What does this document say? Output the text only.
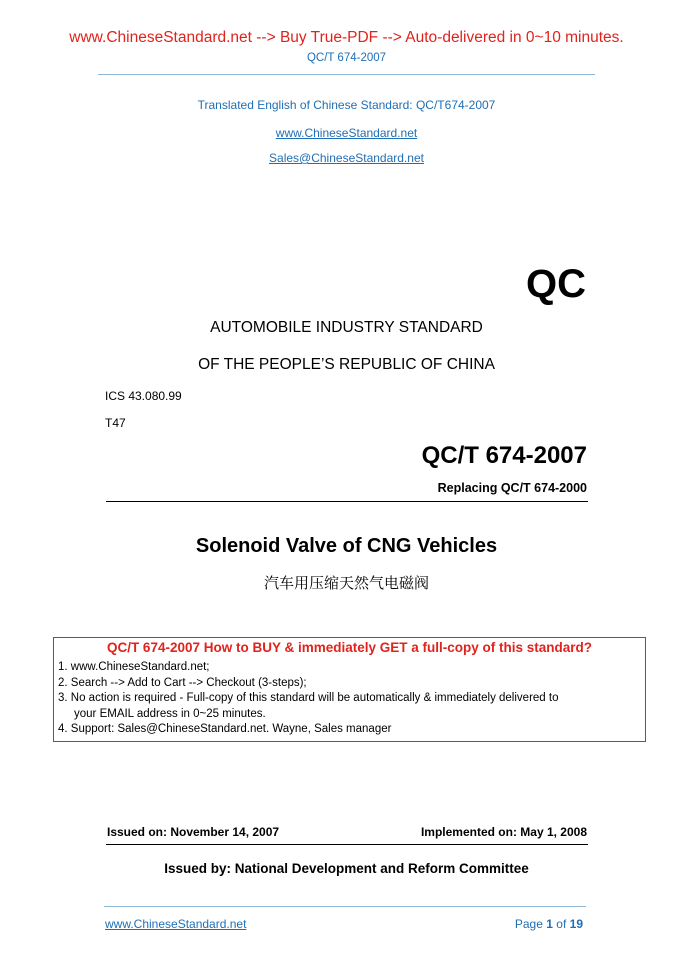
www.ChineseStandard.net --> Buy True-PDF --> Auto-delivered in 0~10 minutes.
QC/T 674-2007
Translated English of Chinese Standard: QC/T674-2007
www.ChineseStandard.net
Sales@ChineseStandard.net
QC
AUTOMOBILE INDUSTRY STANDARD
OF THE PEOPLE’S REPUBLIC OF CHINA
ICS 43.080.99
T47
QC/T 674-2007
Replacing QC/T 674-2000
Solenoid Valve of CNG Vehicles
汽车用压缩天然气电磁阀
QC/T 674-2007 How to BUY & immediately GET a full-copy of this standard?
1. www.ChineseStandard.net;
2. Search --> Add to Cart --> Checkout (3-steps);
3. No action is required - Full-copy of this standard will be automatically & immediately delivered to
your EMAIL address in 0~25 minutes.
4. Support: Sales@ChineseStandard.net. Wayne, Sales manager
Issued on: November 14, 2007	Implemented on: May 1, 2008
Issued by: National Development and Reform Committee
www.ChineseStandard.net	Page 1 of 19
